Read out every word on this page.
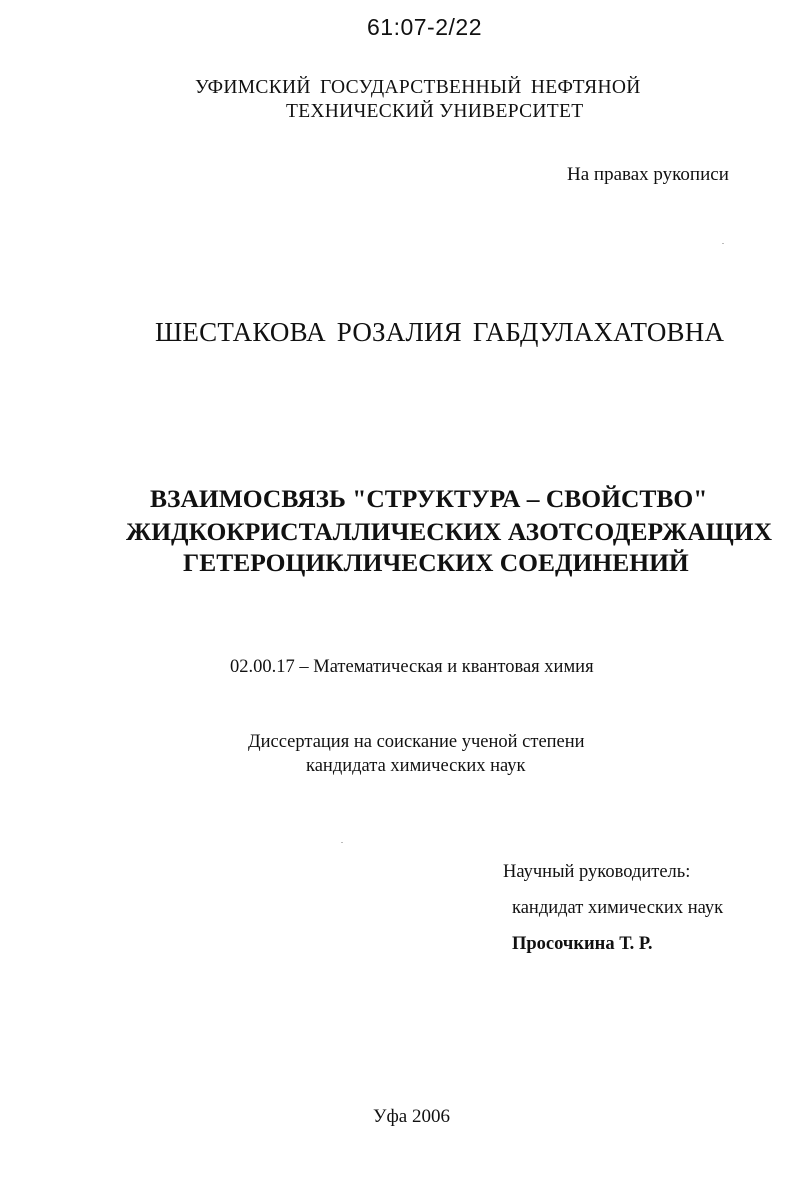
61:07-2/22
УФИМСКИЙ ГОСУДАРСТВЕННЫЙ НЕФТЯНОЙ
ТЕХНИЧЕСКИЙ УНИВЕРСИТЕТ
На правах рукописи
ШЕСТАКОВА РОЗАЛИЯ ГАБДУЛАХАТОВНА
ВЗАИМОСВЯЗЬ "СТРУКТУРА – СВОЙСТВО"
ЖИДКОКРИСТАЛЛИЧЕСКИХ АЗОТСОДЕРЖАЩИХ
ГЕТЕРОЦИКЛИЧЕСКИХ СОЕДИНЕНИЙ
02.00.17 – Математическая и квантовая химия
Диссертация на соискание ученой степени
кандидата химических наук
Научный руководитель:
кандидат химических наук
Просочкина Т. Р.
Уфа 2006
